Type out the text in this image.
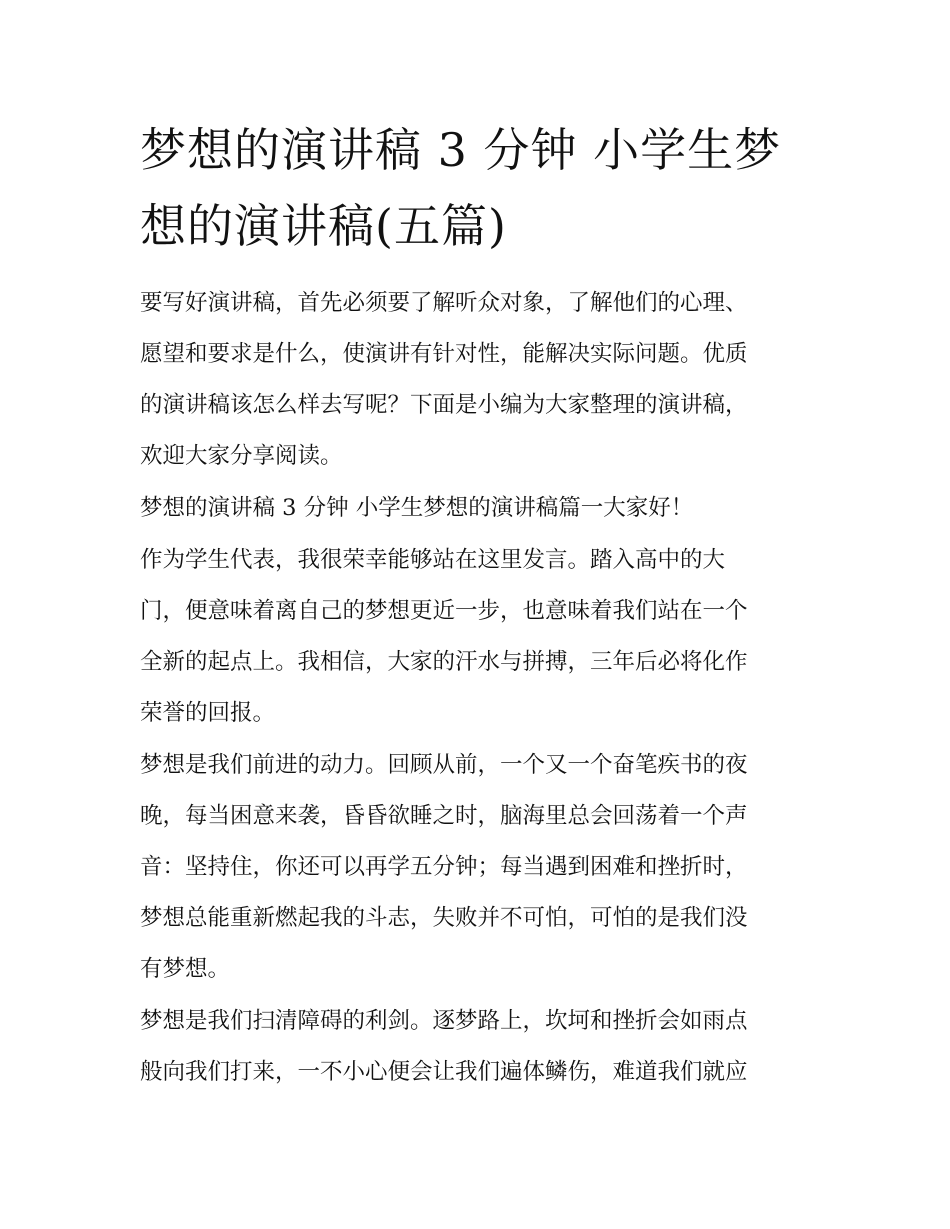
梦想的演讲稿 3 分钟 小学生梦
想的演讲稿(五篇)
要写好演讲稿，首先必须要了解听众对象，了解他们的心理、
愿望和要求是什么，使演讲有针对性，能解决实际问题。优质
的演讲稿该怎么样去写呢？下面是小编为大家整理的演讲稿，
欢迎大家分享阅读。
梦想的演讲稿 3 分钟 小学生梦想的演讲稿篇一大家好！
作为学生代表，我很荣幸能够站在这里发言。踏入高中的大
门，便意味着离自己的梦想更近一步，也意味着我们站在一个
全新的起点上。我相信，大家的汗水与拼搏，三年后必将化作
荣誉的回报。
梦想是我们前进的动力。回顾从前，一个又一个奋笔疾书的夜
晚，每当困意来袭，昏昏欲睡之时，脑海里总会回荡着一个声
音：坚持住，你还可以再学五分钟；每当遇到困难和挫折时，
梦想总能重新燃起我的斗志，失败并不可怕，可怕的是我们没
有梦想。
梦想是我们扫清障碍的利剑。逐梦路上，坎坷和挫折会如雨点
般向我们打来，一不小心便会让我们遍体鳞伤，难道我们就应
